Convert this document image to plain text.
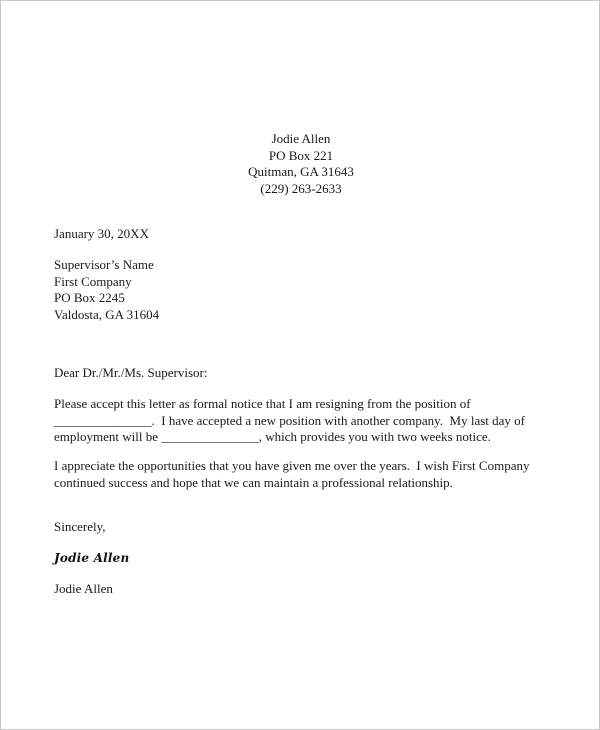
Jodie Allen
PO Box 221
Quitman, GA 31643
(229) 263-2633
January 30, 20XX
Supervisor’s Name
First Company
PO Box 2245
Valdosta, GA 31604
Dear Dr./Mr./Ms. Supervisor:
Please accept this letter as formal notice that I am resigning from the position of
_______________.  I have accepted a new position with another company.  My last day of
employment will be _______________, which provides you with two weeks notice.
I appreciate the opportunities that you have given me over the years.  I wish First Company
continued success and hope that we can maintain a professional relationship.
Sincerely,
Jodie Allen
Jodie Allen
